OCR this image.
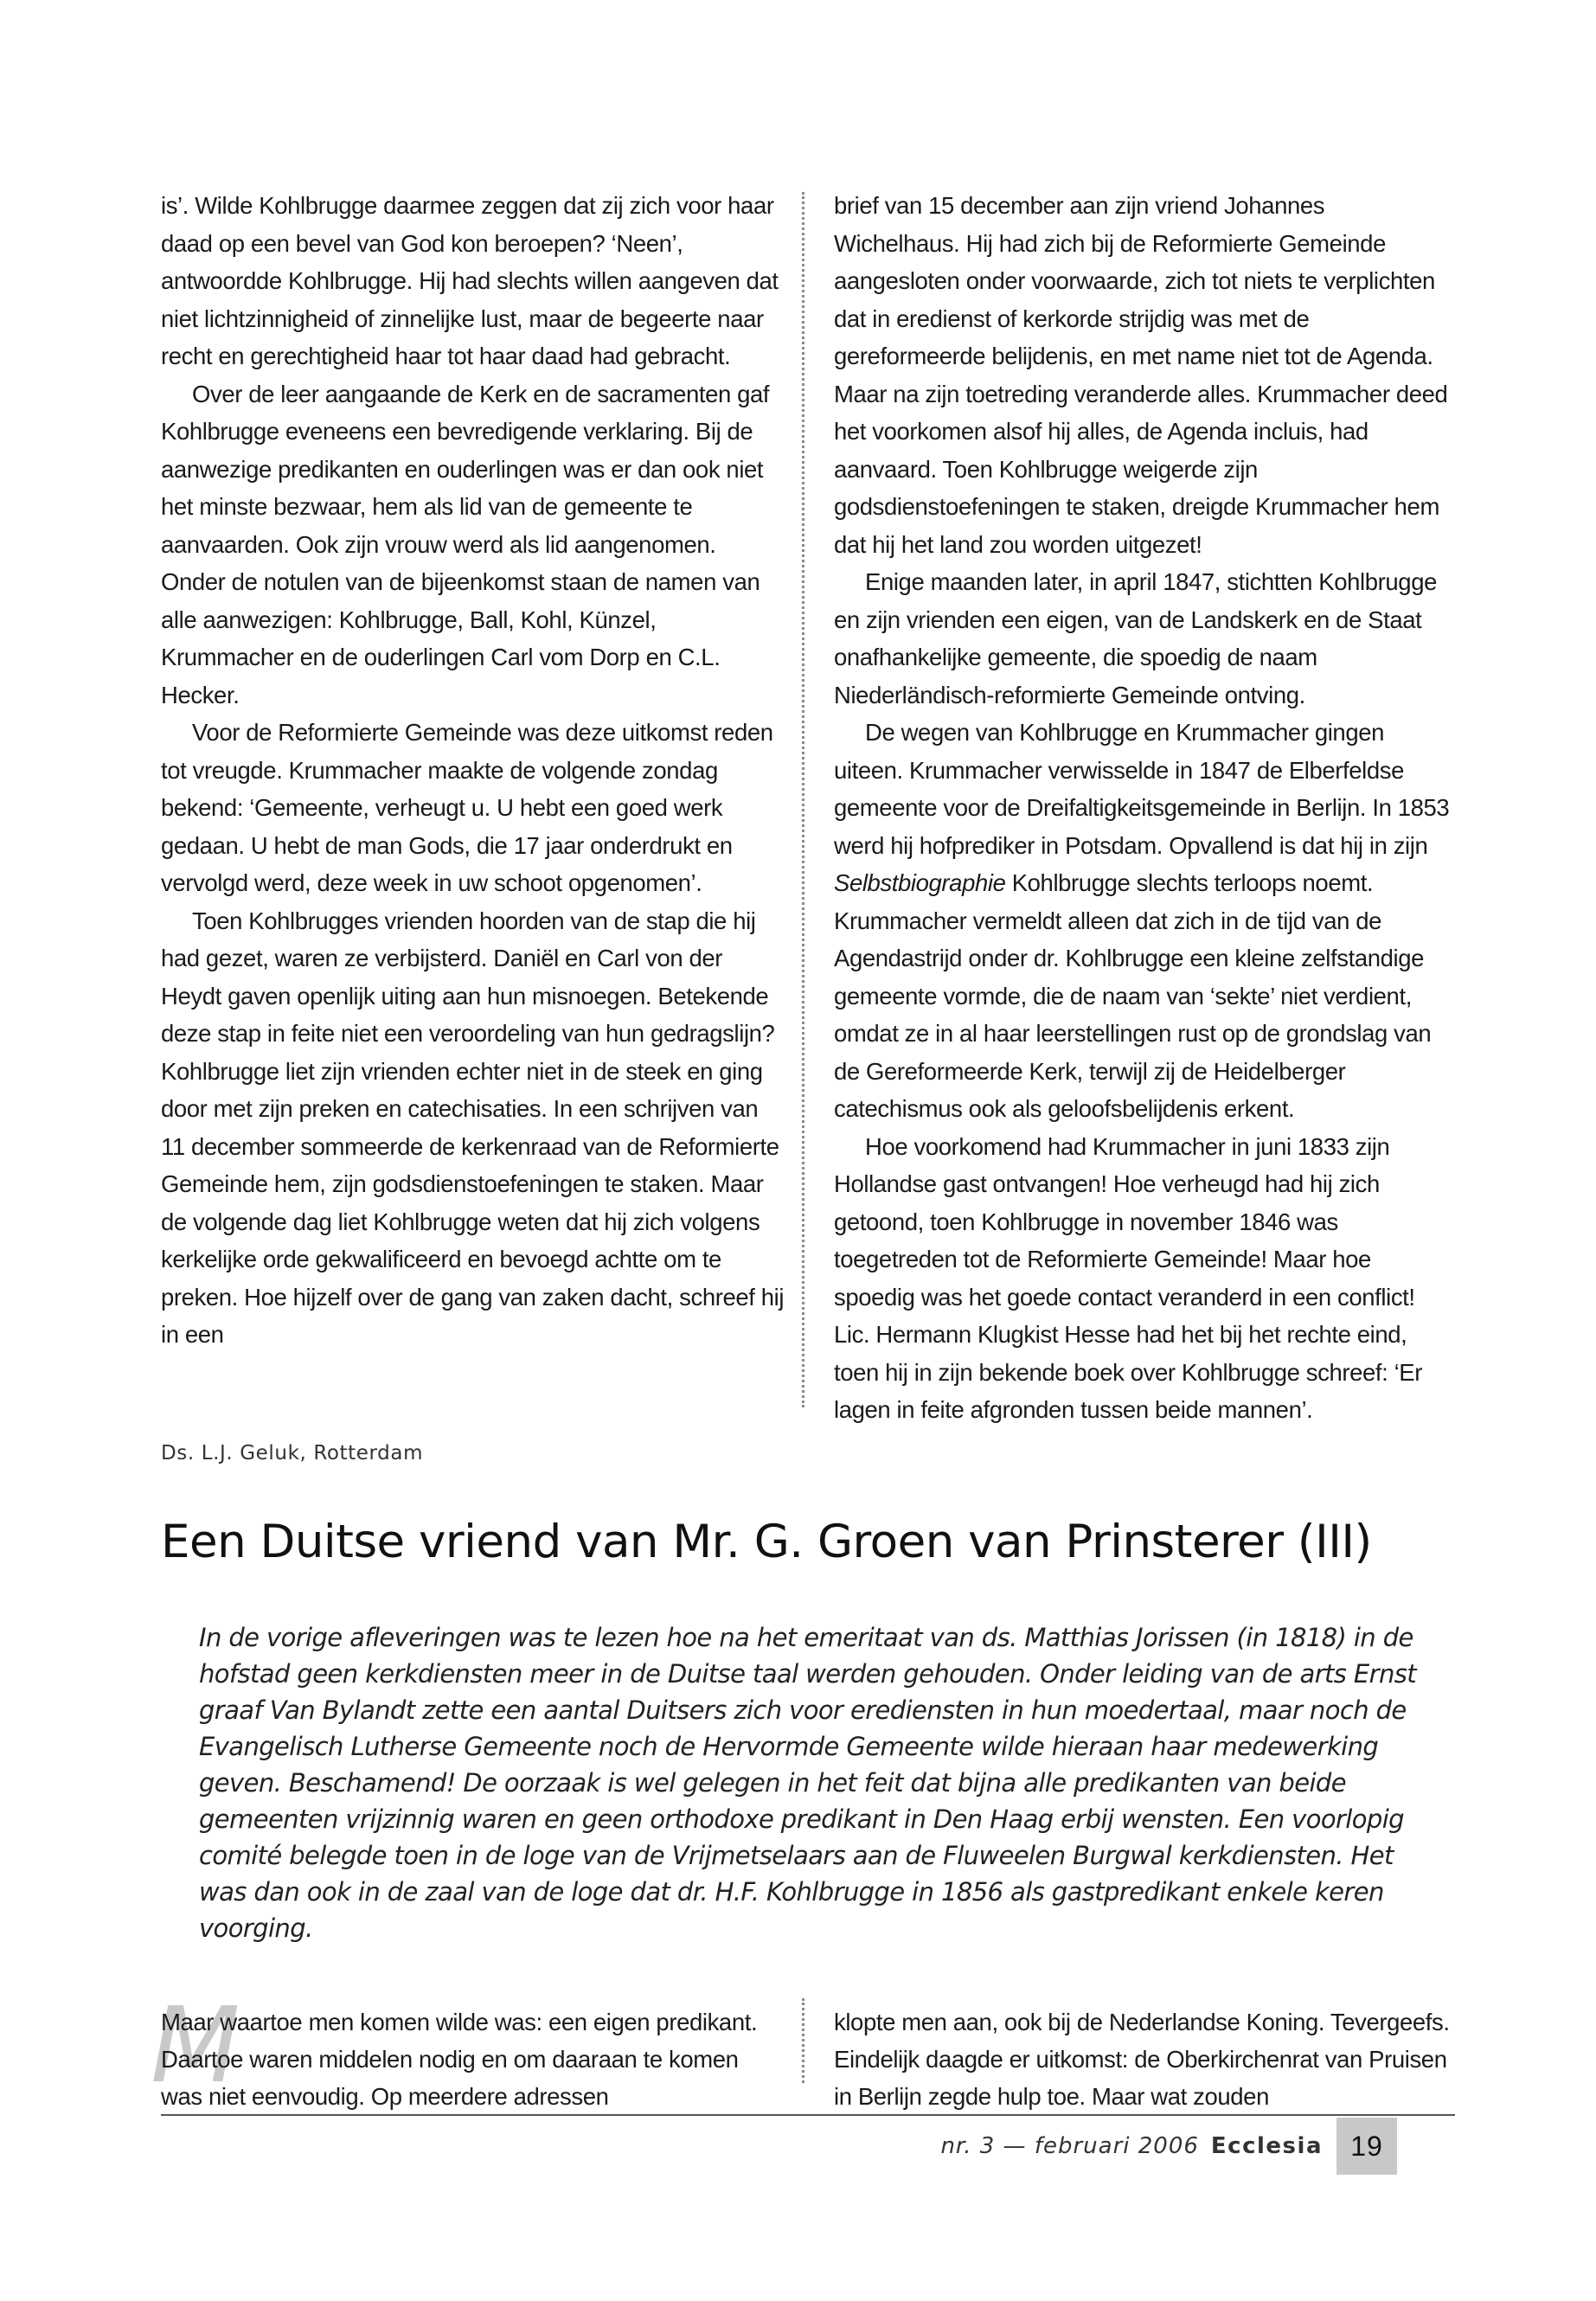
is’. Wilde Kohlbrugge daarmee zeggen dat zij zich voor haar daad op een bevel van God kon beroepen? ‘Neen’, antwoordde Kohlbrugge. Hij had slechts willen aangeven dat niet lichtzinnigheid of zinnelijke lust, maar de begeerte naar recht en gerechtigheid haar tot haar daad had gebracht.

Over de leer aangaande de Kerk en de sacramenten gaf Kohlbrugge eveneens een bevredigende verklaring. Bij de aanwezige predikanten en ouderlingen was er dan ook niet het minste bezwaar, hem als lid van de gemeente te aanvaarden. Ook zijn vrouw werd als lid aangenomen. Onder de notulen van de bijeenkomst staan de namen van alle aanwezigen: Kohlbrugge, Ball, Kohl, Künzel, Krummacher en de ouderlingen Carl vom Dorp en C.L. Hecker.

Voor de Reformierte Gemeinde was deze uitkomst reden tot vreugde. Krummacher maakte de volgende zondag bekend: ‘Gemeente, verheugt u. U hebt een goed werk gedaan. U hebt de man Gods, die 17 jaar onderdrukt en vervolgd werd, deze week in uw schoot opgenomen’.

Toen Kohlbrugges vrienden hoorden van de stap die hij had gezet, waren ze verbijsterd. Daniël en Carl von der Heydt gaven openlijk uiting aan hun misnoegen. Betekende deze stap in feite niet een veroordeling van hun gedragslijn? Kohlbrugge liet zijn vrienden echter niet in de steek en ging door met zijn preken en catechisaties. In een schrijven van 11 december sommeerde de kerkenraad van de Reformierte Gemeinde hem, zijn godsdienstoefeningen te staken. Maar de volgende dag liet Kohlbrugge weten dat hij zich volgens kerkelijke orde gekwalificeerd en bevoegd achtte om te preken. Hoe hijzelf over de gang van zaken dacht, schreef hij in een

brief van 15 december aan zijn vriend Johannes Wichelhaus. Hij had zich bij de Reformierte Gemeinde aangesloten onder voorwaarde, zich tot niets te verplichten dat in eredienst of kerkorde strijdig was met de gereformeerde belijdenis, en met name niet tot de Agenda. Maar na zijn toetreding veranderde alles. Krummacher deed het voorkomen alsof hij alles, de Agenda incluis, had aanvaard. Toen Kohlbrugge weigerde zijn godsdienstoefeningen te staken, dreigde Krummacher hem dat hij het land zou worden uitgezet!

Enige maanden later, in april 1847, stichtten Kohlbrugge en zijn vrienden een eigen, van de Landskerk en de Staat onafhankelijke gemeente, die spoedig de naam Niederländisch-reformierte Gemeinde ontving.

De wegen van Kohlbrugge en Krummacher gingen uiteen. Krummacher verwisselde in 1847 de Elberfeldse gemeente voor de Dreifaltigkeitsgemeinde in Berlijn. In 1853 werd hij hofprediker in Potsdam. Opvallend is dat hij in zijn Selbstbiographie Kohlbrugge slechts terloops noemt. Krummacher vermeldt alleen dat zich in de tijd van de Agendastrijd onder dr. Kohlbrugge een kleine zelfstandige gemeente vormde, die de naam van ‘sekte’ niet verdient, omdat ze in al haar leerstellingen rust op de grondslag van de Gereformeerde Kerk, terwijl zij de Heidelberger catechismus ook als geloofsbelijdenis erkent.

Hoe voorkomend had Krummacher in juni 1833 zijn Hollandse gast ontvangen! Hoe verheugd had hij zich getoond, toen Kohlbrugge in november 1846 was toegetreden tot de Reformierte Gemeinde! Maar hoe spoedig was het goede contact veranderd in een conflict!

Lic. Hermann Klugkist Hesse had het bij het rechte eind, toen hij in zijn bekende boek over Kohlbrugge schreef: ‘Er lagen in feite afgronden tussen beide mannen’.

Ds. L.J. Geluk, Rotterdam
Een Duitse vriend van Mr. G. Groen van Prinsterer (III)
In de vorige afleveringen was te lezen hoe na het emeritaat van ds. Matthias Jorissen (in 1818) in de hofstad geen kerkdiensten meer in de Duitse taal werden gehouden. Onder leiding van de arts Ernst graaf Van Bylandt zette een aantal Duitsers zich voor erediensten in hun moedertaal, maar noch de Evangelisch Lutherse Gemeente noch de Hervormde Gemeente wilde hieraan haar medewerking geven. Beschamend! De oorzaak is wel gelegen in het feit dat bijna alle predikanten van beide gemeenten vrijzinnig waren en geen orthodoxe predikant in Den Haag erbij wensten. Een voorlopig comité belegde toen in de loge van de Vrijmetselaars aan de Fluweelen Burgwal kerkdiensten. Het was dan ook in de zaal van de loge dat dr. H.F. Kohlbrugge in 1856 als gastpredikant enkele keren voorging.
M
Maar waartoe men komen wilde was: een eigen predikant. Daartoe waren middelen nodig en om daaraan te komen was niet eenvoudig. Op meerdere adressen
klopte men aan, ook bij de Nederlandse Koning. Tevergeefs. Eindelijk daagde er uitkomst: de Oberkirchenrat van Pruisen in Berlijn zegde hulp toe. Maar wat zouden
nr. 3 — februari 2006 Ecclesia	19
